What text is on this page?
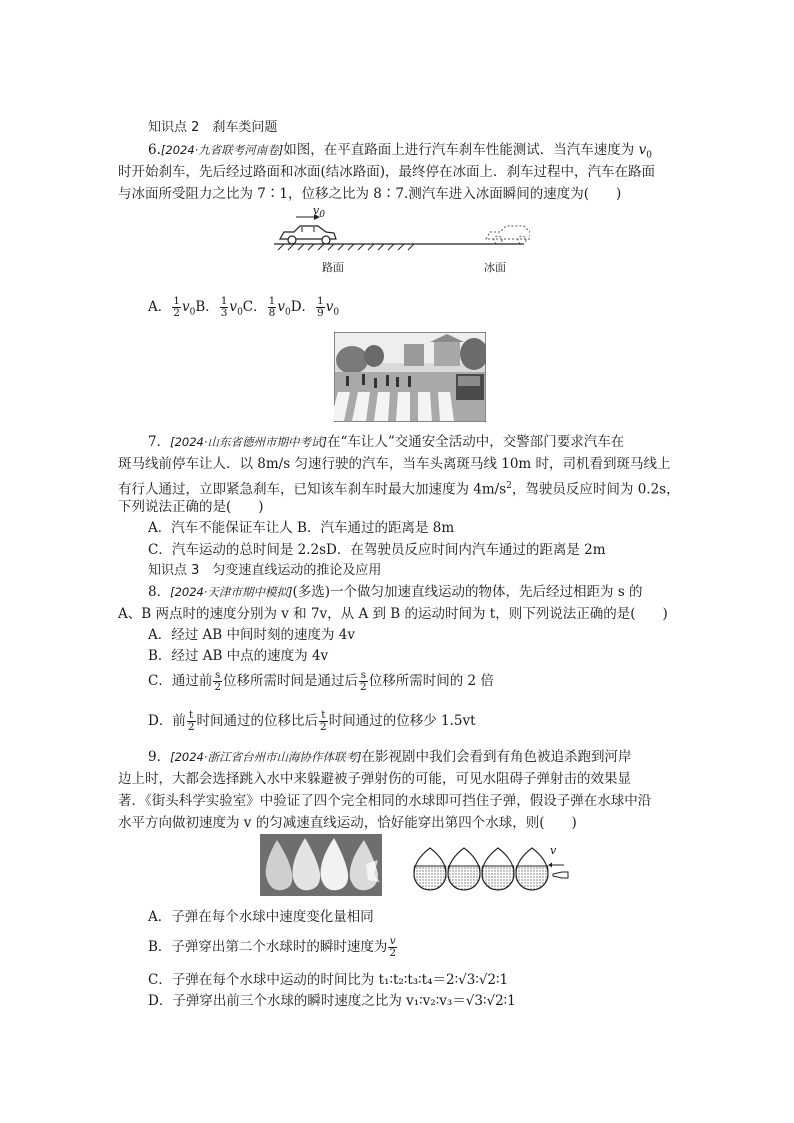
知识点 2　刹车类问题
6.[2024·九省联考河南卷]如图，在平直路面上进行汽车刹车性能测试．当汽车速度为 $v_0$
时开始刹车，先后经过路面和冰面(结冰路面)，最终停在冰面上．刹车过程中，汽车在路面
与冰面所受阻力之比为 7∶1，位移之比为 8∶7.测汽车进入冰面瞬间的速度为(　　)
$v_0$
路面	冰面
A． $\frac{1}{2} v_0B$． $\frac{1}{3} v_0C$． $\frac{1}{8} v_0D$． $\frac{1}{9} v_0$
7．[2024·山东省德州市期中考试]在“车让人”交通安全活动中，交警部门要求汽车在
斑马线前停车让人．以 8m/s 匀速行驶的汽车，当车头离斑马线 10m 时，司机看到斑马线上
有行人通过，立即紧急刹车，已知该车刹车时最大加速度为 $4m/s^2$，驾驶员反应时间为 0.2s，
下列说法正确的是(　　)
A．汽车不能保证车让人 B．汽车通过的距离是 8m
C．汽车运动的总时间是 2.2sD．在驾驶员反应时间内汽车通过的距离是 2m
知识点 3　匀变速直线运动的推论及应用
8．[2024·天津市期中模拟](多选)一个做匀加速直线运动的物体，先后经过相距为 s 的
A、B 两点时的速度分别为 v 和 7v，从 A 到 B 的运动时间为 t，则下列说法正确的是(　　)
A．经过 AB 中间时刻的速度为 4v
B．经过 AB 中点的速度为 4v
C．通过前 $\frac{s}{2}$ 位移所需时间是通过后 $\frac{s}{2}$ 位移所需时间的 2 倍
D．前 $\frac{t}{2}$ 时间通过的位移比后 $\frac{t}{2}$ 时间通过的位移少 1.5vt
9．[2024·浙江省台州市山海协作体联考]在影视剧中我们会看到有角色被追杀跑到河岸
边上时，大都会选择跳入水中来躲避被子弹射伤的可能，可见水阻碍子弹射击的效果显
著．《街头科学实验室》中验证了四个完全相同的水球即可挡住子弹，假设子弹在水球中沿
水平方向做初速度为 v 的匀减速直线运动，恰好能穿出第四个水球，则(　　)
v
A．子弹在每个水球中速度变化量相同
B．子弹穿出第二个水球时的瞬时速度为 $\frac{v}{2}$
C．子弹在每个水球中运动的时间比为 t₁∶t₂∶t₃∶t₄＝2∶√3∶√2∶1
D．子弹穿出前三个水球的瞬时速度之比为 v₁∶v₂∶v₃＝√3∶√2∶1
